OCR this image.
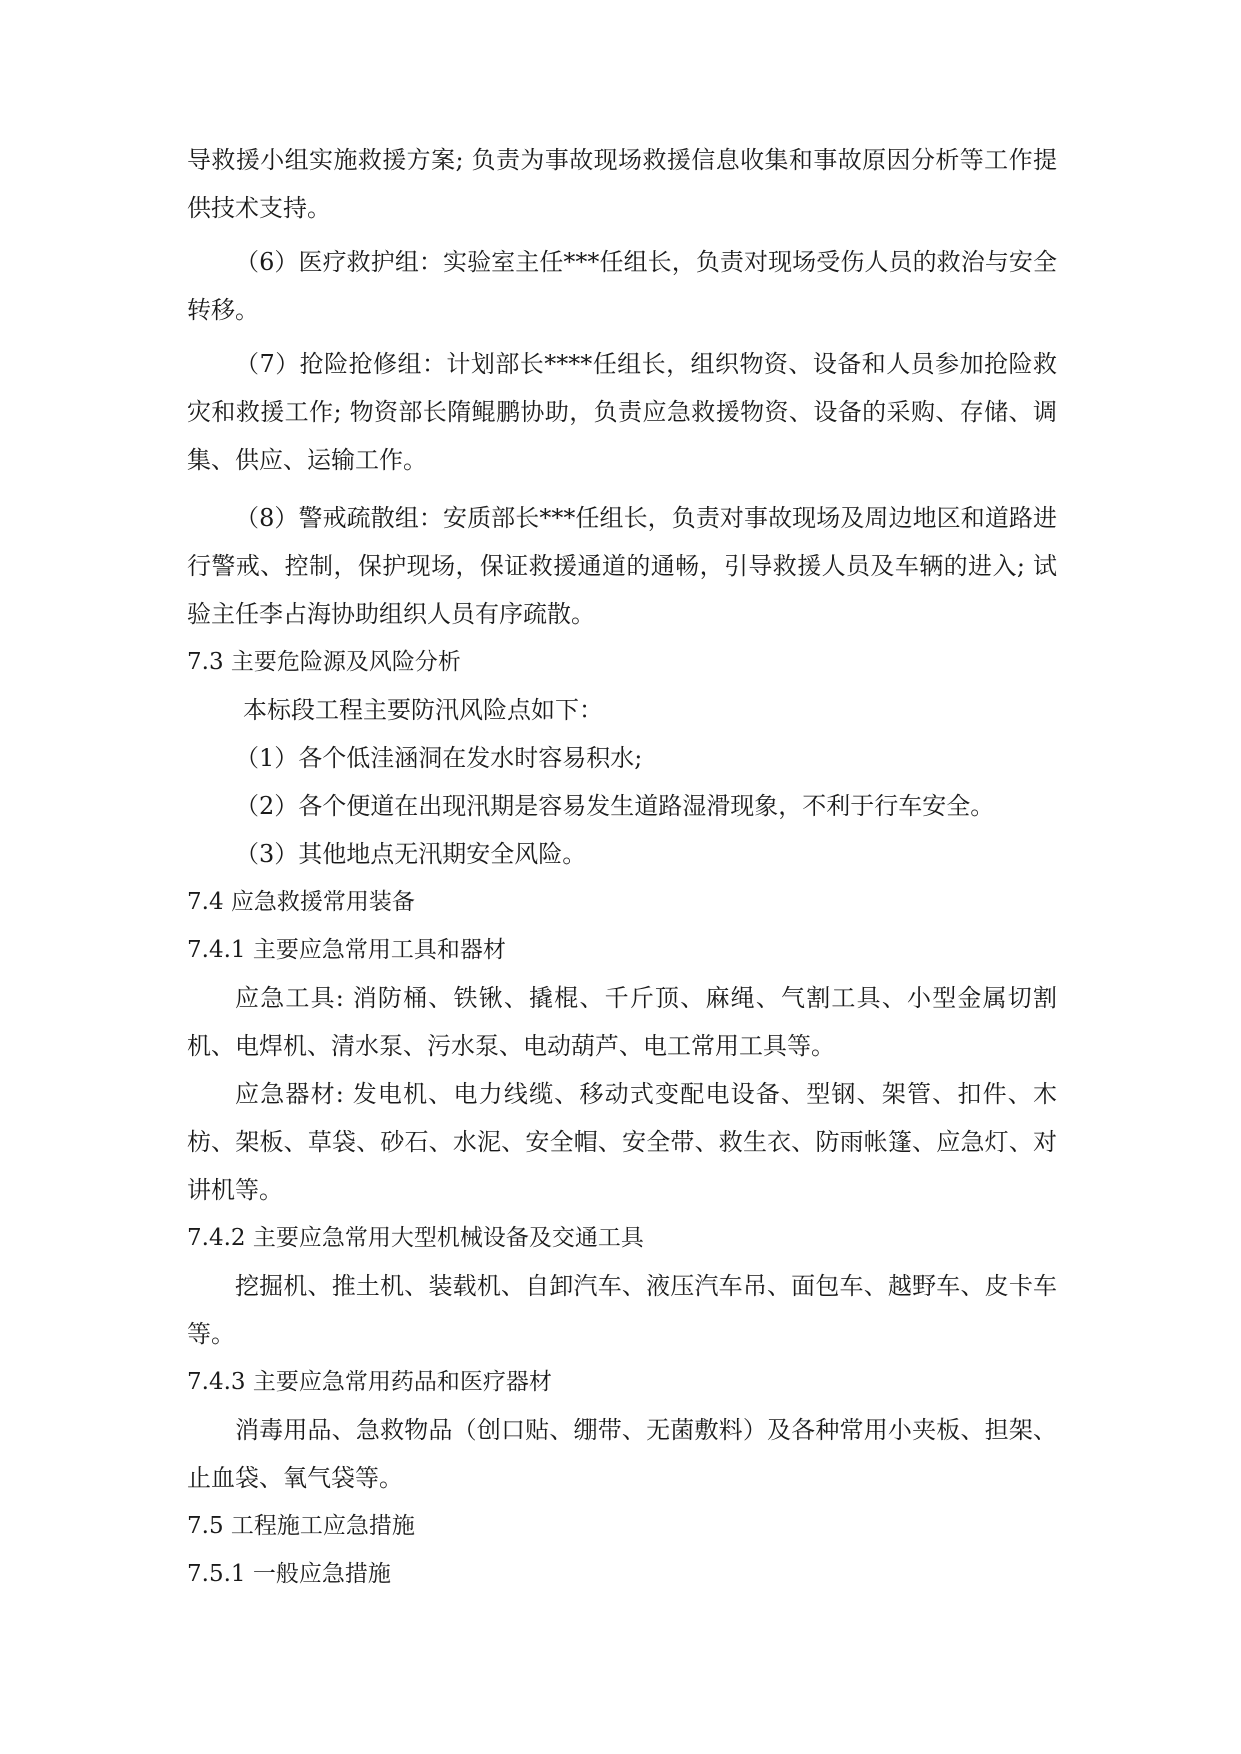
导救援小组实施救援方案; 负责为事故现场救援信息收集和事故原因分析等工作提供技术支持。

（6）医疗救护组：实验室主任***任组长，负责对现场受伤人员的救治与安全转移。

（7）抢险抢修组：计划部长****任组长，组织物资、设备和人员参加抢险救灾和救援工作; 物资部长隋鲲鹏协助，负责应急救援物资、设备的采购、存储、调集、供应、运输工作。

（8）警戒疏散组：安质部长***任组长，负责对事故现场及周边地区和道路进行警戒、控制，保护现场，保证救援通道的通畅，引导救援人员及车辆的进入; 试验主任李占海协助组织人员有序疏散。

7.3 主要危险源及风险分析

本标段工程主要防汛风险点如下：

（1）各个低洼涵洞在发水时容易积水;

（2）各个便道在出现汛期是容易发生道路湿滑现象，不利于行车安全。

（3）其他地点无汛期安全风险。

7.4 应急救援常用装备

7.4.1 主要应急常用工具和器材

应急工具: 消防桶、铁锹、撬棍、千斤顶、麻绳、气割工具、小型金属切割机、电焊机、清水泵、污水泵、电动葫芦、电工常用工具等。

应急器材: 发电机、电力线缆、移动式变配电设备、型钢、架管、扣件、木枋、架板、草袋、砂石、水泥、安全帽、安全带、救生衣、防雨帐篷、应急灯、对讲机等。

7.4.2 主要应急常用大型机械设备及交通工具

挖掘机、推土机、装载机、自卸汽车、液压汽车吊、面包车、越野车、皮卡车等。

7.4.3 主要应急常用药品和医疗器材

消毒用品、急救物品（创口贴、绷带、无菌敷料）及各种常用小夹板、担架、止血袋、氧气袋等。

7.5 工程施工应急措施

7.5.1 一般应急措施
